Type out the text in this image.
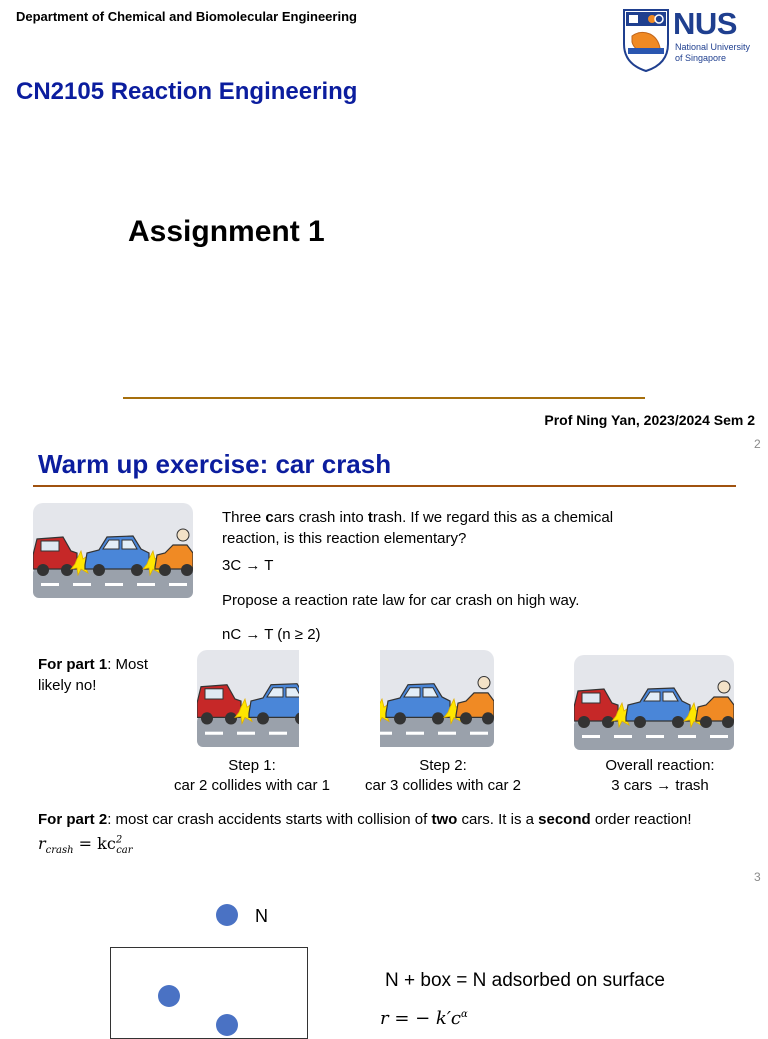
Department of Chemical and Biomolecular Engineering	NUS
National University
of Singapore
CN2105 Reaction Engineering
Assignment 1
Prof Ning Yan, 2023/2024 Sem 2
2
Warm up exercise: car crash
Three cars crash into trash. If we regard this as a chemical
reaction, is this reaction elementary?
3C → T
Propose a reaction rate law for car crash on high way.
nC → T (n ≥ 2)
For part 1: Most likely no!
Step 1:
car 2 collides with car 1
Step 2:
car 3 collides with car 2
Overall reaction:
3 cars → trash
For part 2: most car crash accidents starts with collision of two cars. It is a second order reaction!
$r_{crash} = kc^2_{car}$
3
N
N + box = N adsorbed on surface
r = − $k'c^\alpha$
